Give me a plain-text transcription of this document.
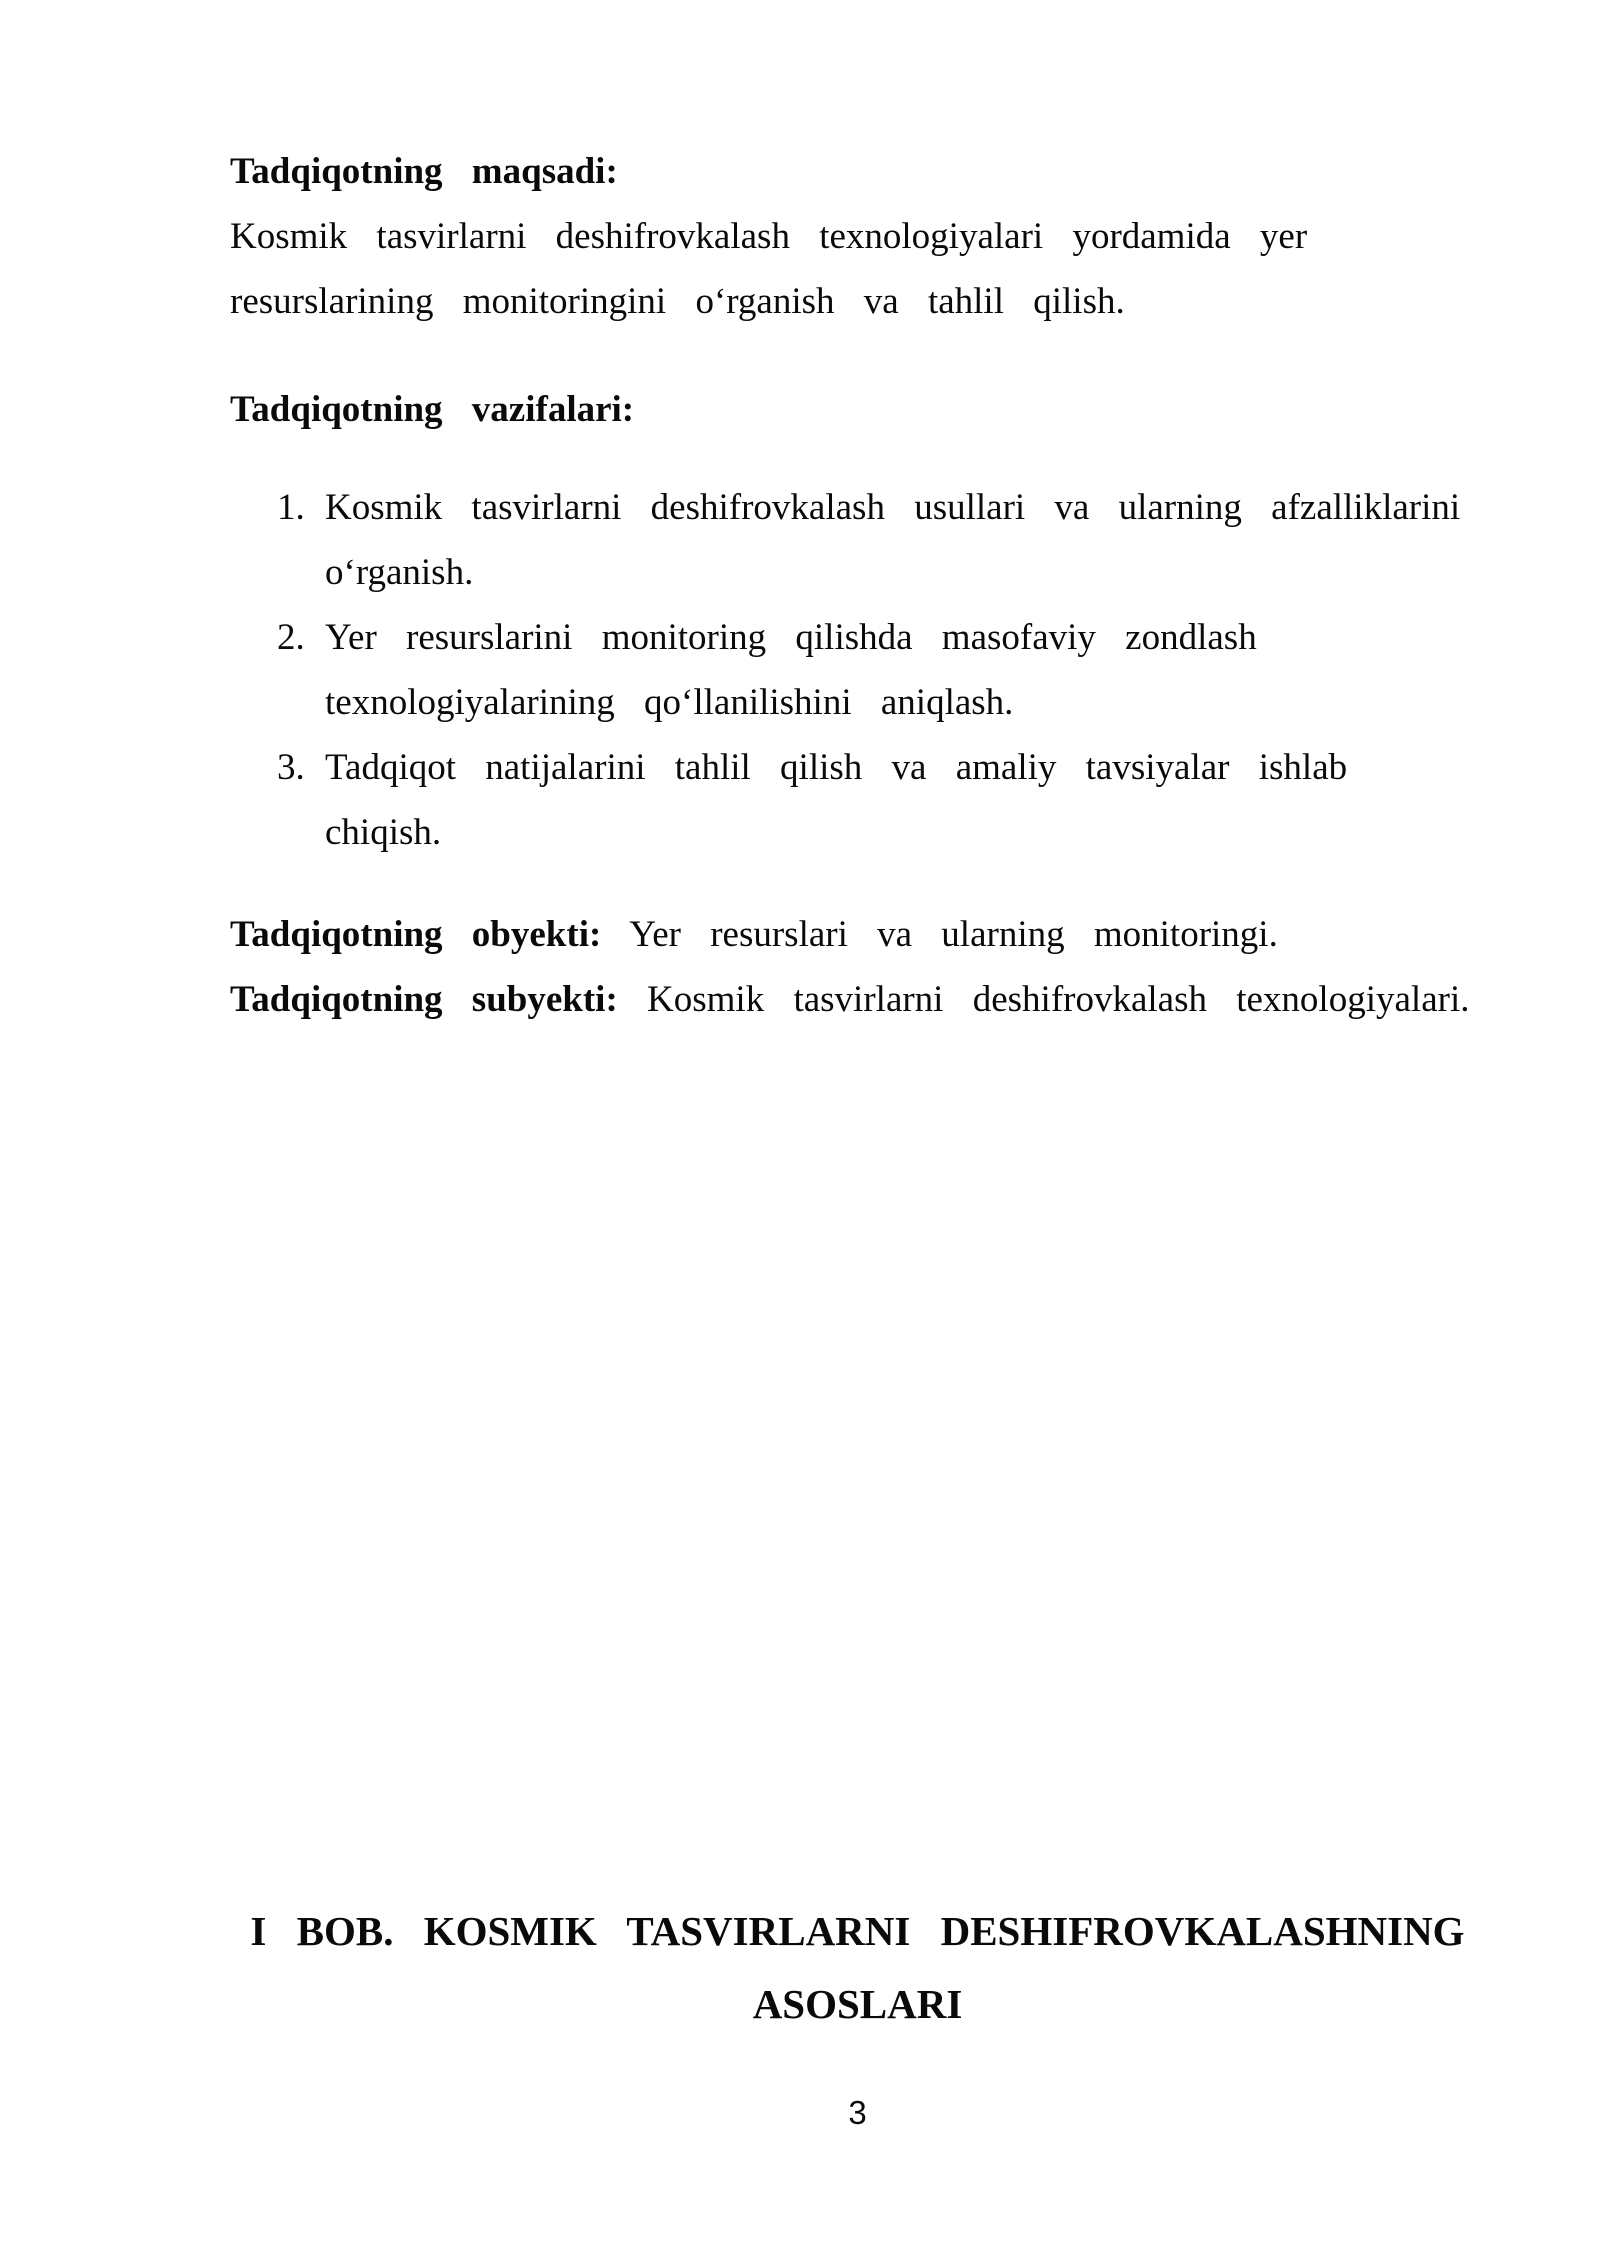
Tadqiqotning maqsadi:
Kosmik tasvirlarni deshifrovkalash texnologiyalari yordamida yer
resurslarining monitoringini o‘rganish va tahlil qilish.
Tadqiqotning vazifalari:
1. Kosmik tasvirlarni deshifrovkalash usullari va ularning afzalliklarini
o‘rganish.
2. Yer resurslarini monitoring qilishda masofaviy zondlash
texnologiyalarining qo‘llanilishini aniqlash.
3. Tadqiqot natijalarini tahlil qilish va amaliy tavsiyalar ishlab
chiqish.
Tadqiqotning obyekti: Yer resurslari va ularning monitoringi.
Tadqiqotning subyekti: Kosmik tasvirlarni deshifrovkalash texnologiyalari.
I BOB. KOSMIK TASVIRLARNI DESHIFROVKALASHNING
ASOSLARI
3
